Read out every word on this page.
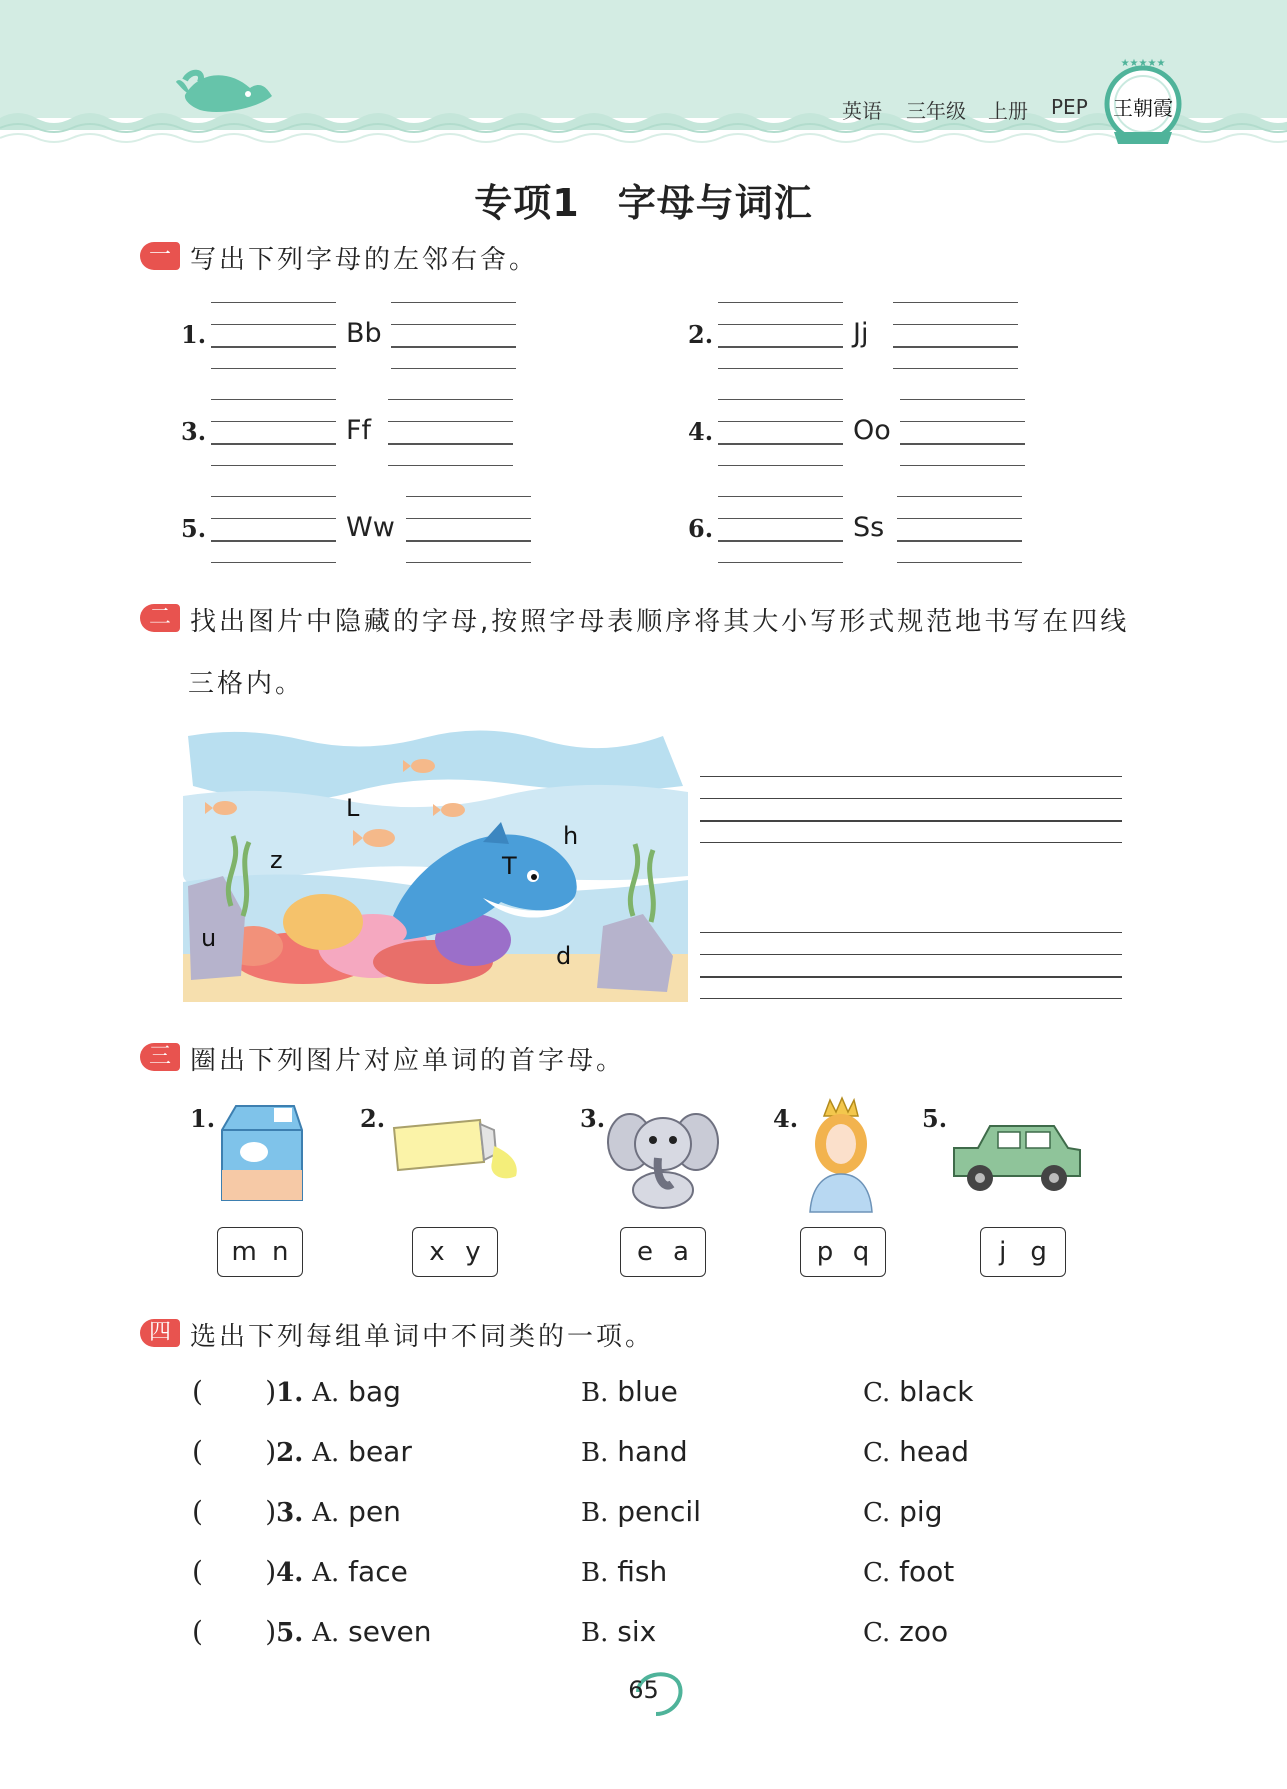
英语 三年级 上册 PEP
★★★★★
王朝霞
专项1 字母与词汇
一 写出下列字母的左邻右舍。
1.	Bb	2.	Jj
3.	Ff	4.	Oo
5.	Ww	6.	Ss
二 找出图片中隐藏的字母,按照字母表顺序将其大小写形式规范地书写在四线
三格内。
L
h
z	T
u
d
三 圈出下列图片对应单词的首字母。
1.
m n
2.
x y
3.
e a
4.
p q
5.
j g
四 选出下列每组单词中不同类的一项。
(       )1. A. bag	B. blue	C. black
(       )2. A. bear	B. hand	C. head
(       )3. A. pen	B. pencil	C. pig
(       )4. A. face	B. fish	C. foot
(       )5. A. seven	B. six	C. zoo
65
